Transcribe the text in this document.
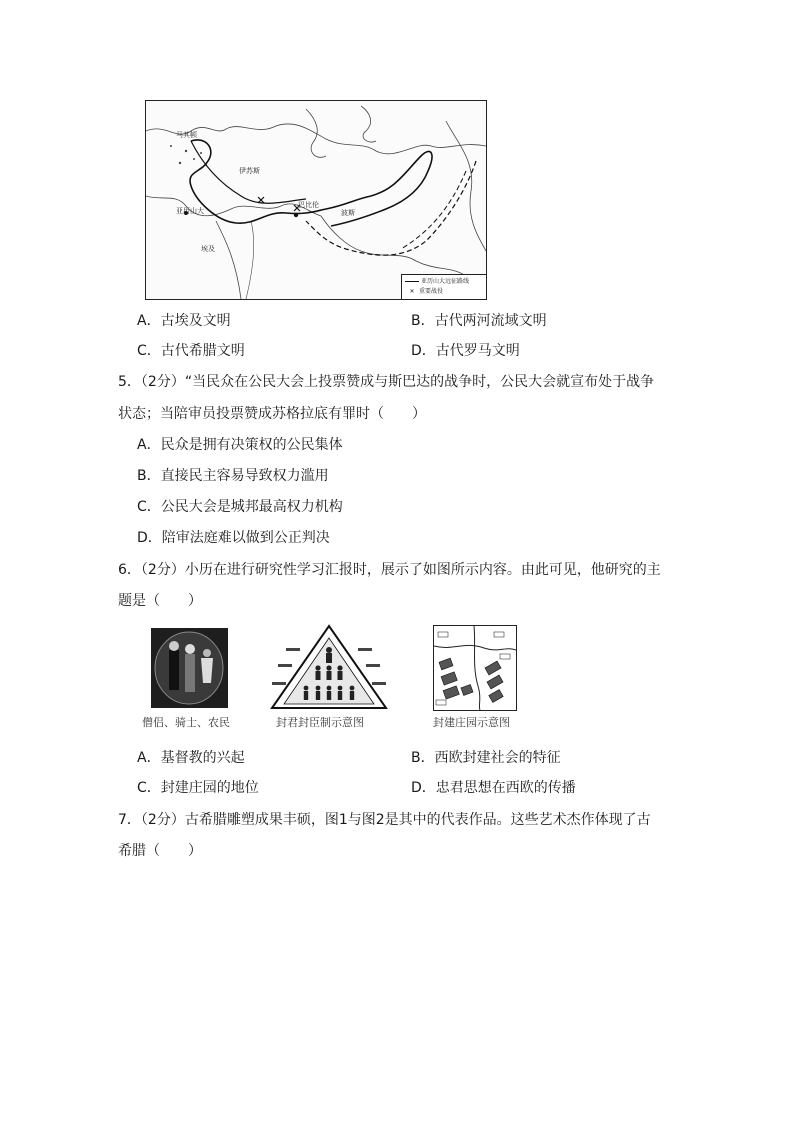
马其顿
伊苏斯
亚历山大
巴比伦
波斯
埃及
亚历山大远征路线
✕ 重要战役
A．古埃及文明	B．古代两河流域文明
C．古代希腊文明	D．古代罗马文明
5．（2分）“当民众在公民大会上投票赞成与斯巴达的战争时，公民大会就宣布处于战争
状态；当陪审员投票赞成苏格拉底有罪时（　　）
A．民众是拥有决策权的公民集体
B．直接民主容易导致权力滥用
C．公民大会是城邦最高权力机构
D．陪审法庭难以做到公正判决
6．（2分）小历在进行研究性学习汇报时，展示了如图所示内容。由此可见，他研究的主
题是（　　）
僧侣、骑士、农民	封君封臣制示意图	封建庄园示意图
A．基督教的兴起	B．西欧封建社会的特征
C．封建庄园的地位	D．忠君思想在西欧的传播
7．（2分）古希腊雕塑成果丰硕，图1与图2是其中的代表作品。这些艺术杰作体现了古
希腊（　　）
